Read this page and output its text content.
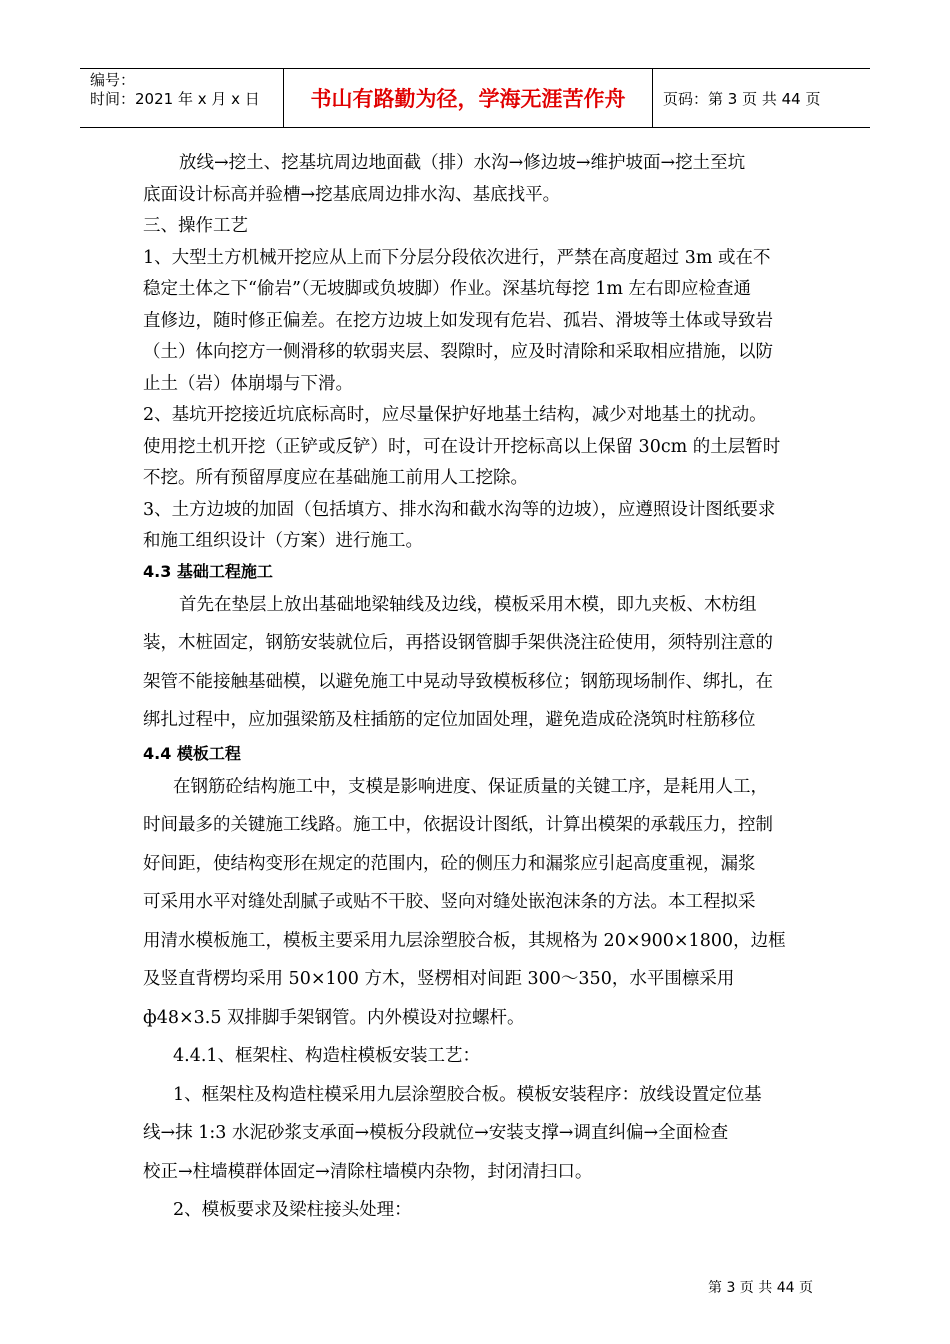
编号：
时间：2021 年 x 月 x 日	书山有路勤为径，学海无涯苦作舟	页码：第 3 页 共 44 页

放线→挖土、挖基坑周边地面截（排）水沟→修边坡→维护坡面→挖土至坑

底面设计标高并验槽→挖基底周边排水沟、基底找平。

三、操作工艺

1、大型土方机械开挖应从上而下分层分段依次进行，严禁在高度超过 3m 或在不

稳定土体之下“偷岩”（无坡脚或负坡脚）作业。深基坑每挖 1m 左右即应检查通

直修边，随时修正偏差。在挖方边坡上如发现有危岩、孤岩、滑坡等土体或导致岩

（土）体向挖方一侧滑移的软弱夹层、裂隙时，应及时清除和采取相应措施，以防

止土（岩）体崩塌与下滑。

2、基坑开挖接近坑底标高时，应尽量保护好地基土结构，减少对地基土的扰动。

使用挖土机开挖（正铲或反铲）时，可在设计开挖标高以上保留 30cm 的土层暂时

不挖。所有预留厚度应在基础施工前用人工挖除。

3、土方边坡的加固（包括填方、排水沟和截水沟等的边坡），应遵照设计图纸要求

和施工组织设计（方案）进行施工。

4.3 基础工程施工

首先在垫层上放出基础地梁轴线及边线，模板采用木模，即九夹板、木枋组

装，木桩固定，钢筋安装就位后，再搭设钢管脚手架供浇注砼使用，须特别注意的

架管不能接触基础模，以避免施工中晃动导致模板移位；钢筋现场制作、绑扎，在

绑扎过程中，应加强梁筋及柱插筋的定位加固处理，避免造成砼浇筑时柱筋移位

4.4 模板工程

在钢筋砼结构施工中，支模是影响进度、保证质量的关键工序，是耗用人工，

时间最多的关键施工线路。施工中，依据设计图纸，计算出模架的承载压力，控制

好间距，使结构变形在规定的范围内，砼的侧压力和漏浆应引起高度重视，漏浆

可采用水平对缝处刮腻子或贴不干胶、竖向对缝处嵌泡沫条的方法。本工程拟采

用清水模板施工，模板主要采用九层涂塑胶合板，其规格为 20×900×1800，边框

及竖直背楞均采用 50×100 方木，竖楞相对间距 300～350，水平围檩采用

ф48×3.5 双排脚手架钢管。内外模设对拉螺杆。

4.4.1、框架柱、构造柱模板安装工艺：

1、框架柱及构造柱模采用九层涂塑胶合板。模板安装程序：放线设置定位基

线→抹 1:3 水泥砂浆支承面→模板分段就位→安装支撑→调直纠偏→全面检查

校正→柱墙模群体固定→清除柱墙模内杂物，封闭清扫口。

2、模板要求及梁柱接头处理：

第 3 页 共 44 页
